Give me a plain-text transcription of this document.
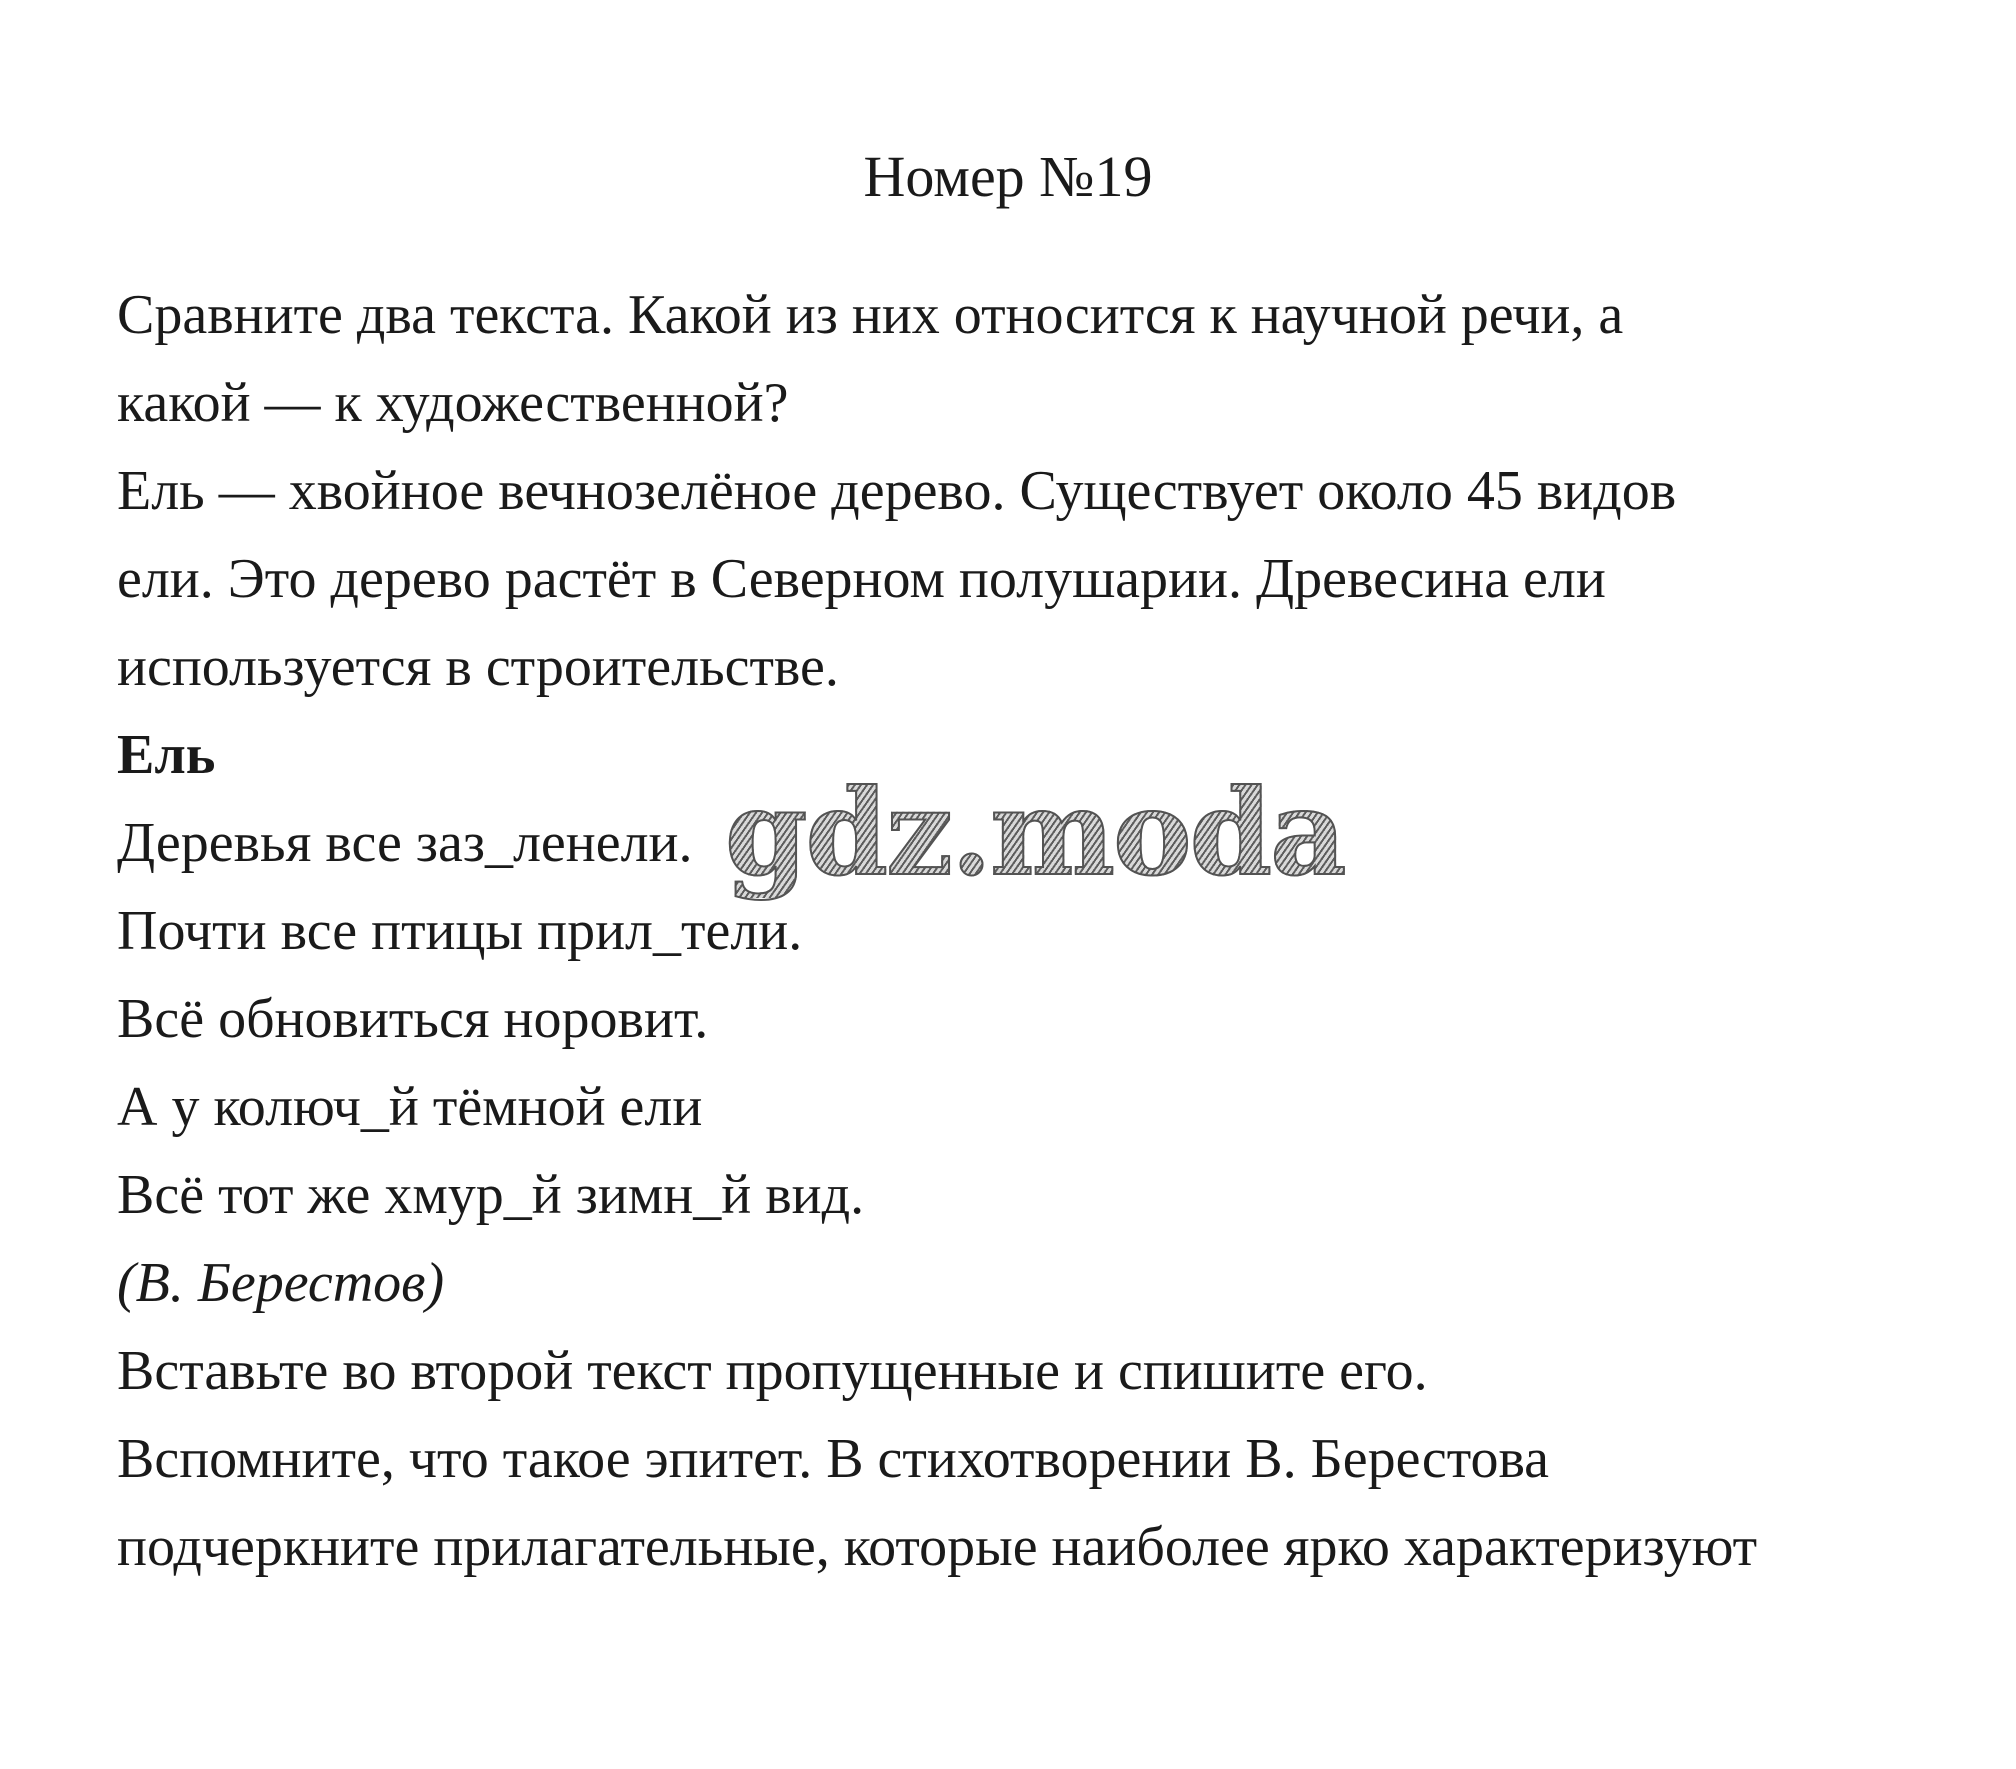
Номер №19
Сравните два текста. Какой из них относится к научной речи, а
какой — к художественной?
Ель — хвойное вечнозелёное дерево. Существует около 45 видов
ели. Это дерево растёт в Северном полушарии. Древесина ели
используется в строительстве.
Ель
Деревья все заз_ленели.
Почти все птицы прил_тели.
Всё обновиться норовит.
А у колюч_й тёмной ели
Всё тот же хмур_й зимн_й вид.
(В. Берестов)
Вставьте во второй текст пропущенные и спишите его.
Вспомните, что такое эпитет. В стихотворении В. Берестова
подчеркните прилагательные, которые наиболее ярко характеризуют
gdz.moda
